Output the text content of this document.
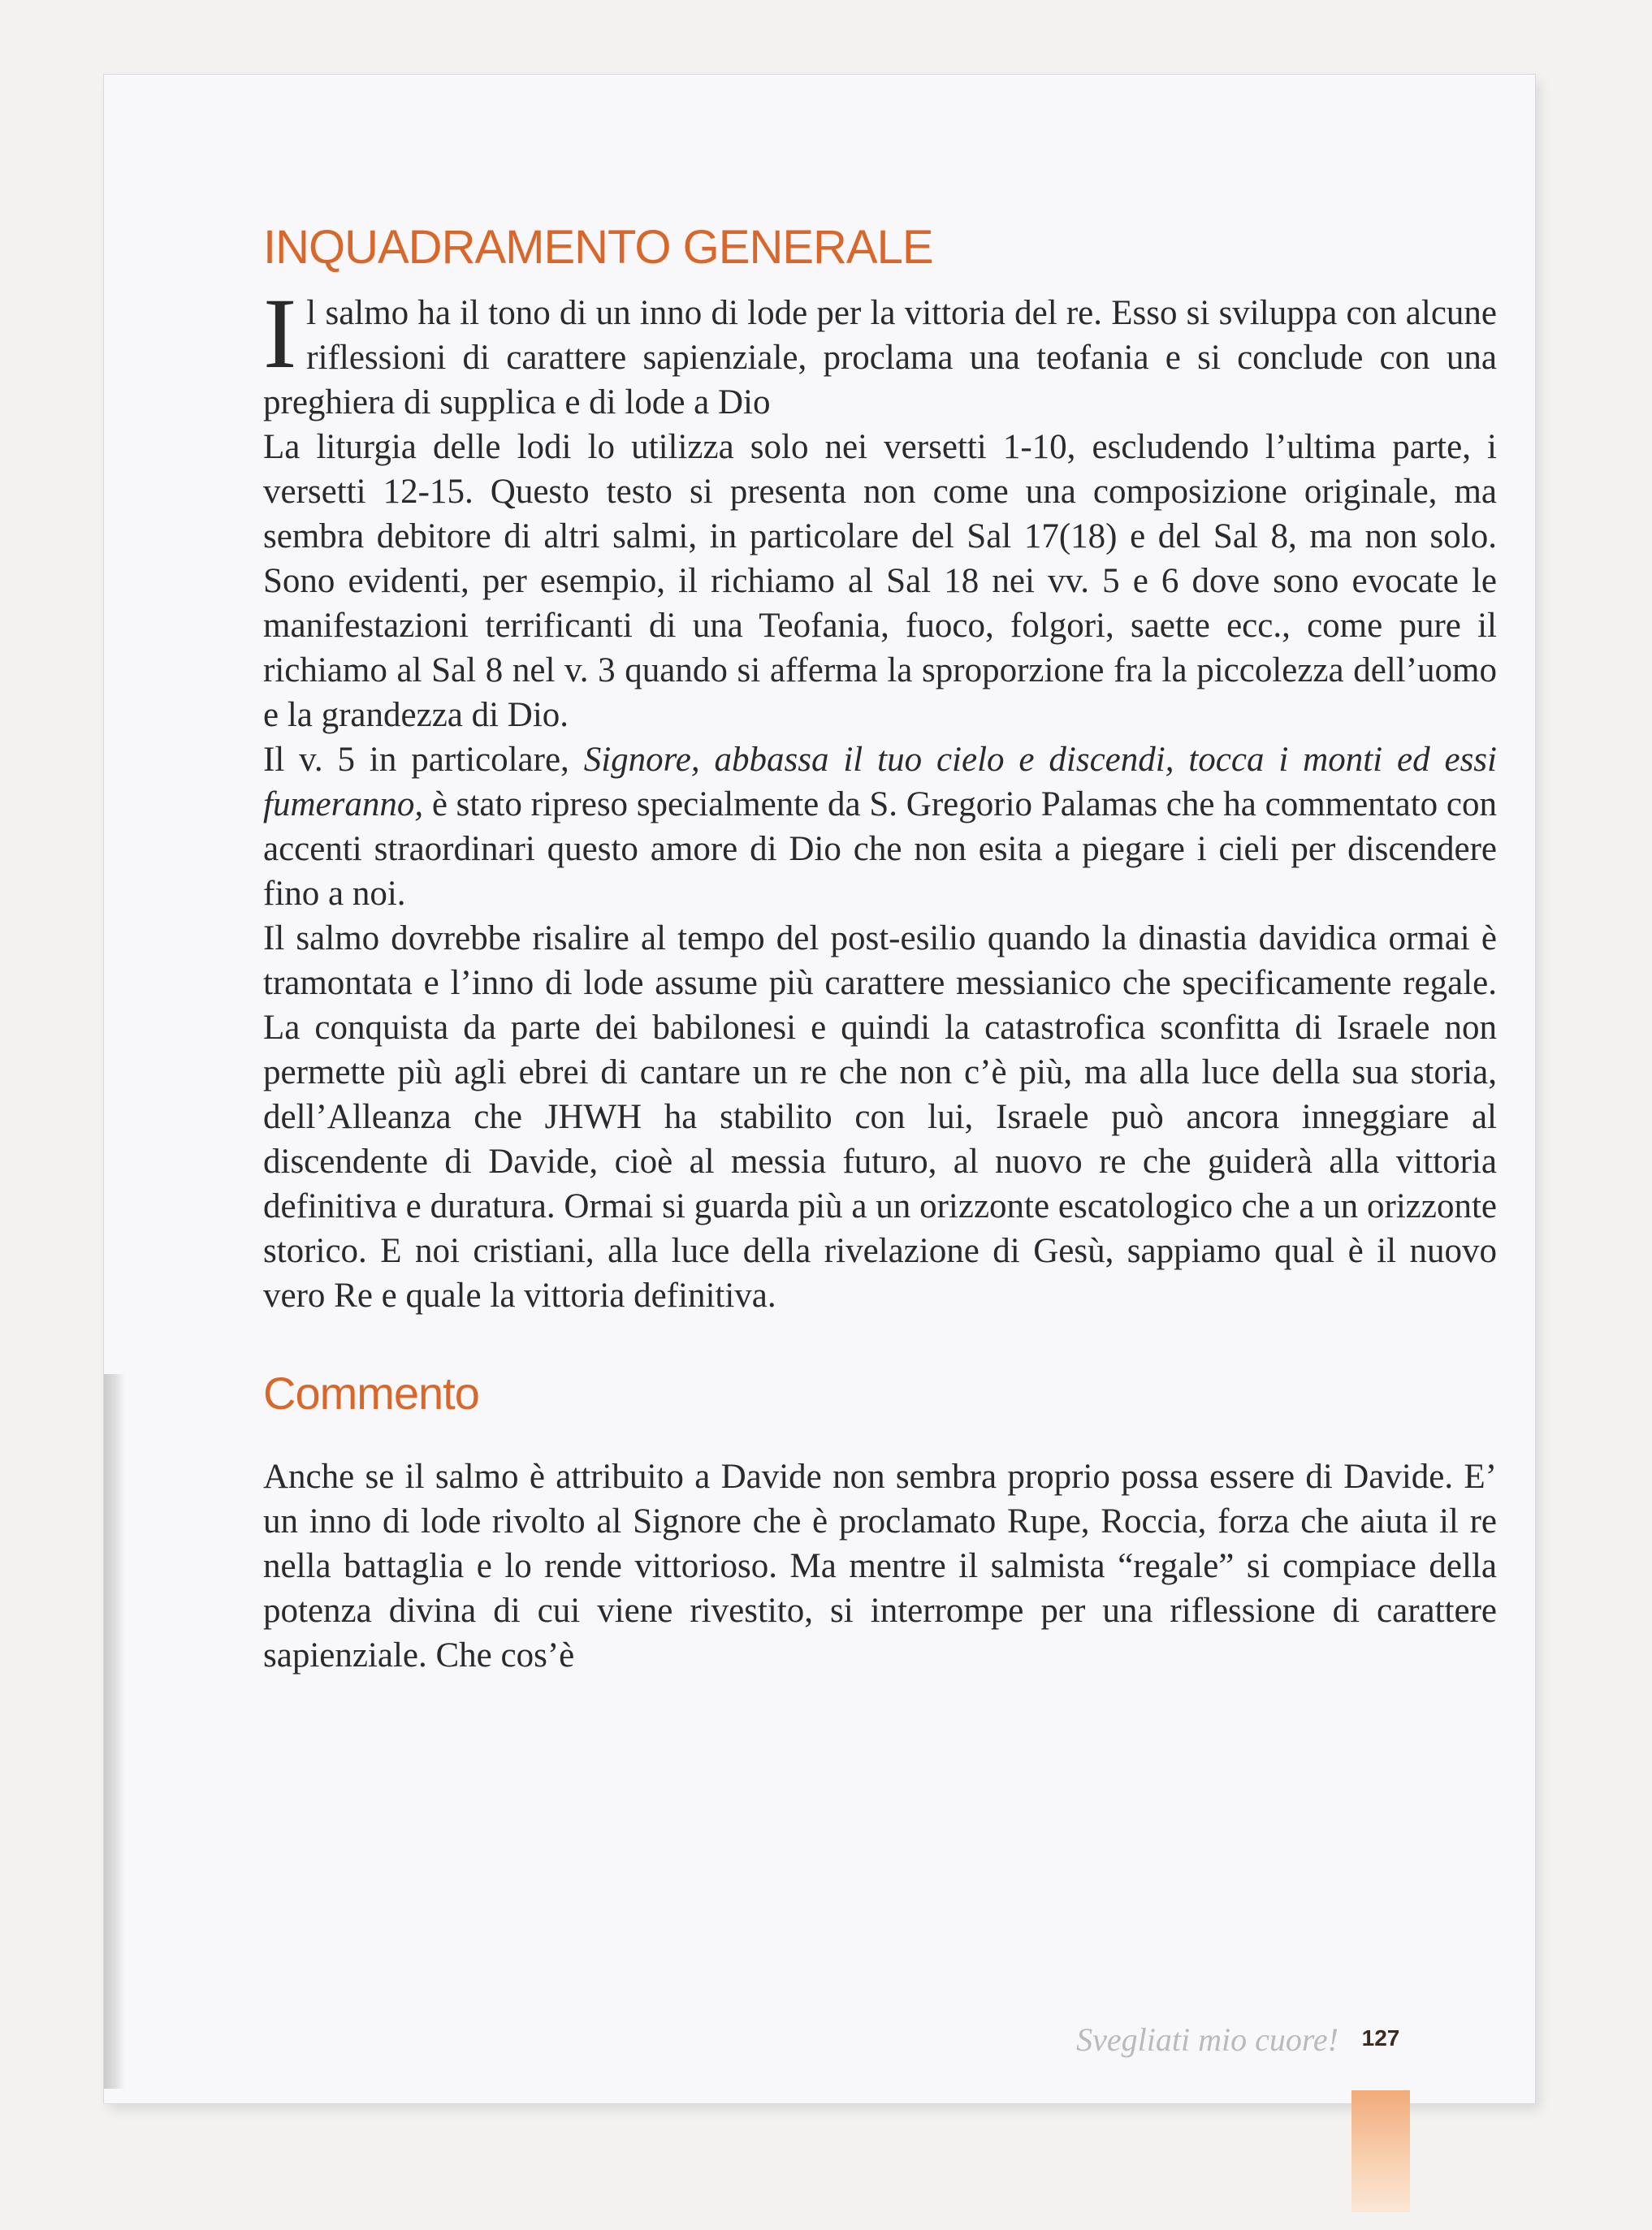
INQUADRAMENTO GENERALE

Il salmo ha il tono di un inno di lode per la vittoria del re. Esso si sviluppa con alcune riflessioni di carattere sapienziale, proclama una teofania e si conclude con una preghiera di supplica e di lode a Dio

La liturgia delle lodi lo utilizza solo nei versetti 1-10, escludendo l’ultima parte, i versetti 12-15. Questo testo si presenta non come una composizione originale, ma sembra debitore di altri salmi, in particolare del Sal 17(18) e del Sal 8, ma non solo. Sono evidenti, per esempio, il richiamo al Sal 18 nei vv. 5 e 6 dove sono evocate le manifestazioni terrificanti di una Teofania, fuoco, folgori, saette ecc., come pure il richiamo al Sal 8 nel v. 3 quando si afferma la sproporzione fra la piccolezza dell’uomo e la grandezza di Dio.

Il v. 5 in particolare, Signore, abbassa il tuo cielo e discendi, tocca i monti ed essi fumeranno, è stato ripreso specialmente da S. Gregorio Palamas che ha commentato con accenti straordinari questo amore di Dio che non esita a piegare i cieli per discendere fino a noi.

Il salmo dovrebbe risalire al tempo del post-esilio quando la dinastia davidica ormai è tramontata e l’inno di lode assume più carattere messianico che specificamente regale. La conquista da parte dei babilonesi e quindi la catastrofica sconfitta di Israele non permette più agli ebrei di cantare un re che non c’è più, ma alla luce della sua storia, dell’Alleanza che JHWH ha stabilito con lui, Israele può ancora inneggiare al discendente di Davide, cioè al messia futuro, al nuovo re che guiderà alla vittoria definitiva e duratura. Ormai si guarda più a un orizzonte escatologico che a un orizzonte storico. E noi cristiani, alla luce della rivelazione di Gesù, sappiamo qual è il nuovo vero Re e quale la vittoria definitiva.

Commento

Anche se il salmo è attribuito a Davide non sembra proprio possa essere di Davide. E’ un inno di lode rivolto al Signore che è proclamato Rupe, Roccia, forza che aiuta il re nella battaglia e lo rende vittorioso. Ma mentre il salmista “regale” si compiace della potenza divina di cui viene rivestito, si interrompe per una riflessione di carattere sapienziale. Che cos’è

Svegliati mio cuore! 127
